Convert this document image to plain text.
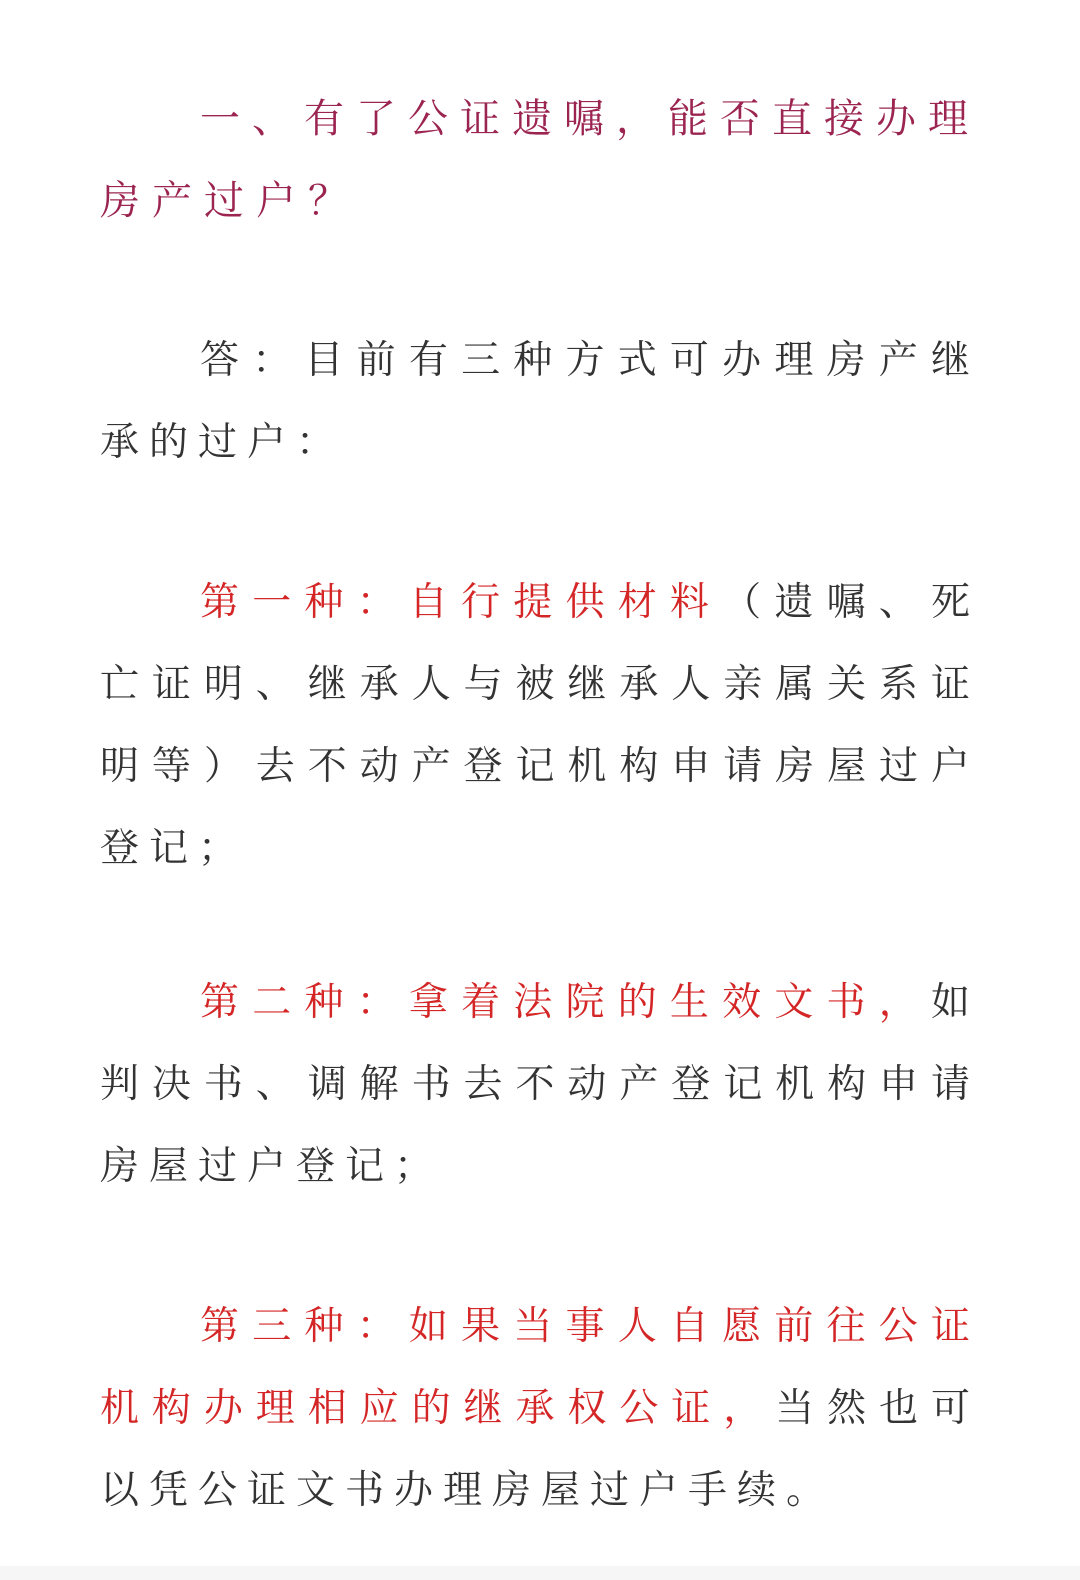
一、有了公证遗嘱，能否直接办理房产过户？

答：目前有三种方式可办理房产继承的过户：

第一种：自行提供材料（遗嘱、死亡证明、继承人与被继承人亲属关系证明等）去不动产登记机构申请房屋过户登记；

第二种：拿着法院的生效文书，如判决书、调解书去不动产登记机构申请房屋过户登记；

第三种：如果当事人自愿前往公证机构办理相应的继承权公证，当然也可以凭公证文书办理房屋过户手续。
